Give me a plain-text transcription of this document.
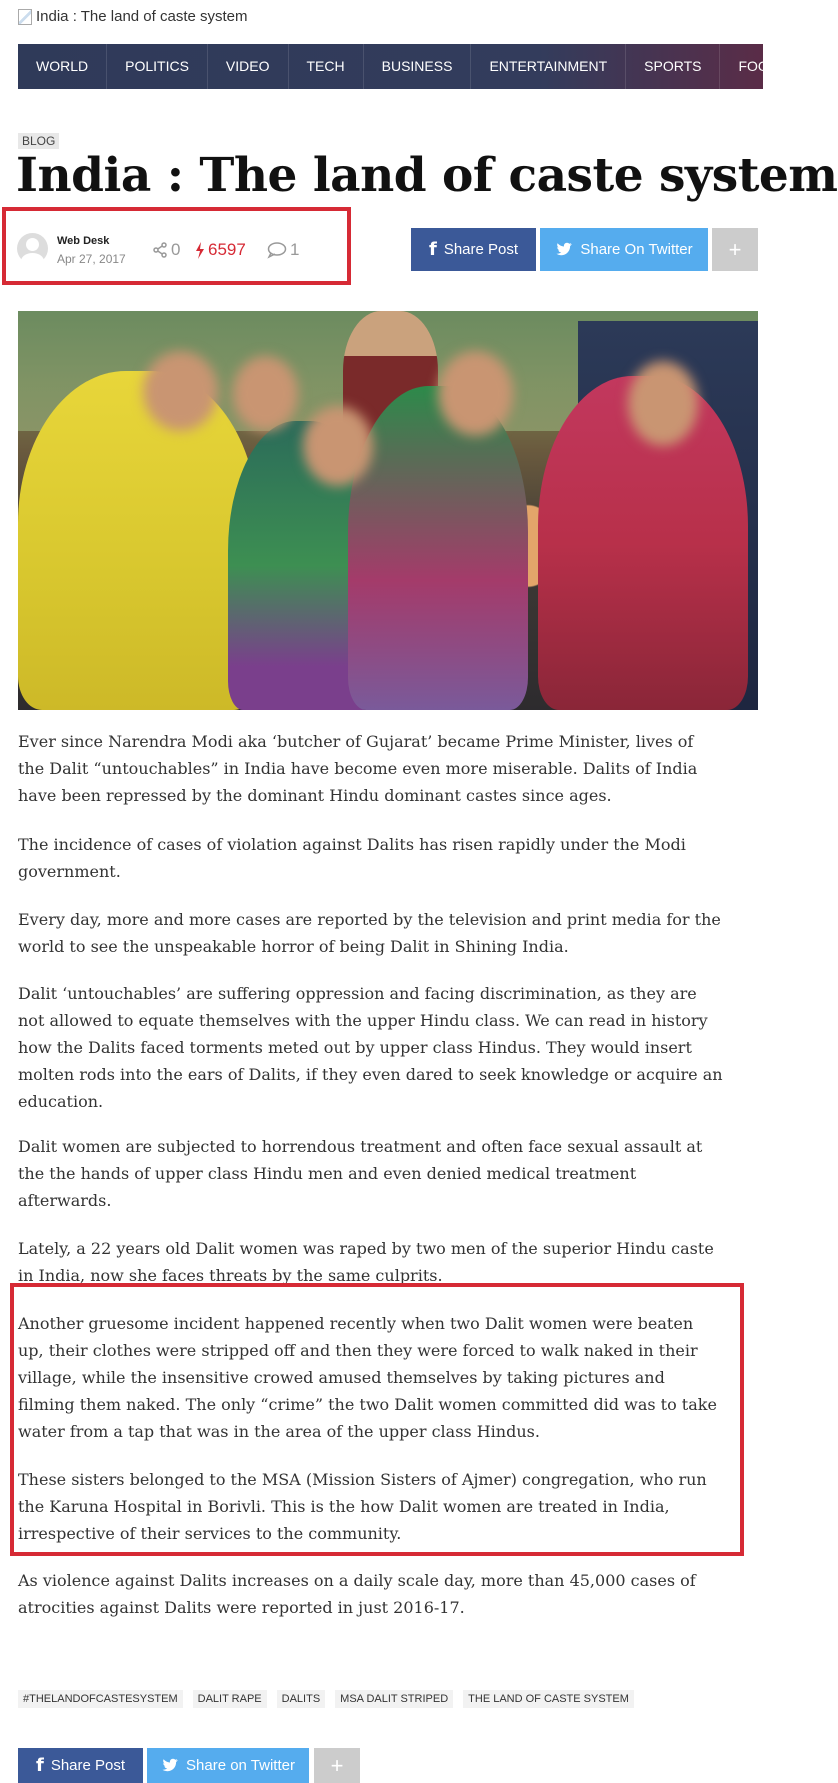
India : The land of caste system
WORLD	POLITICS	VIDEO	TECH	BUSINESS	ENTERTAINMENT	SPORTS	FOOD
BLOG
India : The land of caste system
Web Desk
Apr 27, 2017	0 6597	1	f Share Post	Share On Twitter	+

Ever since Narendra Modi aka ‘butcher of Gujarat’ became Prime Minister, lives of the Dalit “untouchables” in India have become even more miserable. Dalits of India have been repressed by the dominant Hindu dominant castes since ages.

The incidence of cases of violation against Dalits has risen rapidly under the Modi government.

Every day, more and more cases are reported by the television and print media for the world to see the unspeakable horror of being Dalit in Shining India.

Dalit ‘untouchables’ are suffering oppression and facing discrimination, as they are not allowed to equate themselves with the upper Hindu class. We can read in history how the Dalits faced torments meted out by upper class Hindus. They would insert molten rods into the ears of Dalits, if they even dared to seek knowledge or acquire an education.

Dalit women are subjected to horrendous treatment and often face sexual assault at the the hands of upper class Hindu men and even denied medical treatment afterwards.

Lately, a 22 years old Dalit women was raped by two men of the superior Hindu caste in India, now she faces threats by the same culprits.

Another gruesome incident happened recently when two Dalit women were beaten up, their clothes were stripped off and then they were forced to walk naked in their village, while the insensitive crowed amused themselves by taking pictures and filming them naked. The only “crime” the two Dalit women committed did was to take water from a tap that was in the area of the upper class Hindus.

These sisters belonged to the MSA (Mission Sisters of Ajmer) congregation, who run the Karuna Hospital in Borivli. This is the how Dalit women are treated in India, irrespective of their services to the community.

As violence against Dalits increases on a daily scale day, more than 45,000 cases of atrocities against Dalits were reported in just 2016-17.

#THELANDOFCASTESYSTEM	DALIT RAPE	DALITS	MSA DALIT STRIPED	THE LAND OF CASTE SYSTEM
f Share Post	Share on Twitter	+
